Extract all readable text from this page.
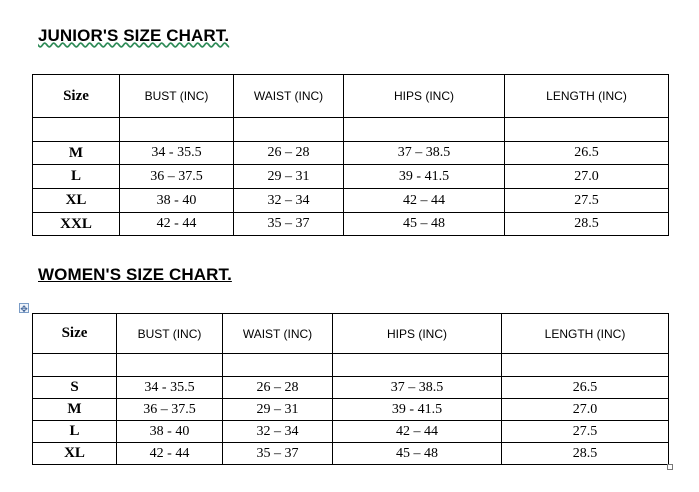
JUNIOR'S SIZE CHART.
Size	BUST (INC)	WAIST (INC)	HIPS (INC)	LENGTH (INC)

M	34 - 35.5	26 – 28	37 – 38.5	26.5
L	36 – 37.5	29 – 31	39 - 41.5	27.0
XL	38 - 40	32 – 34	42 – 44	27.5
XXL	42 - 44	35 – 37	45 – 48	28.5
WOMEN'S SIZE CHART.
✥
Size	BUST (INC)	WAIST (INC)	HIPS (INC)	LENGTH (INC)

S	34 - 35.5	26 – 28	37 – 38.5	26.5
M	36 – 37.5	29 – 31	39 - 41.5	27.0
L	38 - 40	32 – 34	42 – 44	27.5
XL	42 - 44	35 – 37	45 – 48	28.5
